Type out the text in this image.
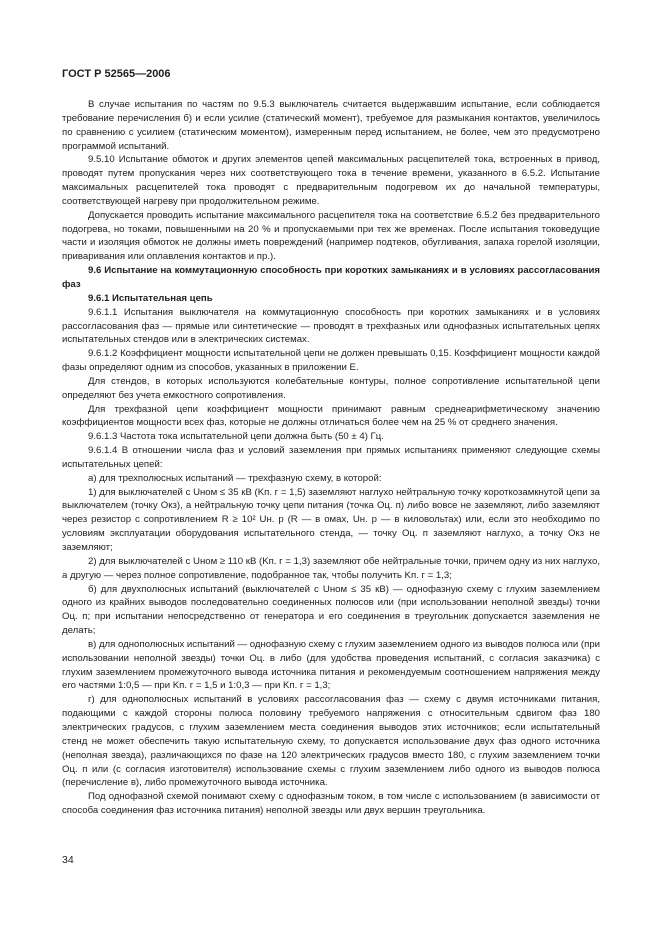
ГОСТ Р 52565—2006

В случае испытания по частям по 9.5.3 выключатель считается выдержавшим испытание, если соблюдается требование перечисления б) и если усилие (статический момент), требуемое для размыкания контактов, увеличилось по сравнению с усилием (статическим моментом), измеренным перед испытанием, не более, чем это предусмотрено программой испытаний.

9.5.10 Испытание обмоток и других элементов цепей максимальных расцепителей тока, встроенных в привод, проводят путем пропускания через них соответствующего тока в течение времени, указанного в 6.5.2. Испытание максимальных расцепителей тока проводят с предварительным подогревом их до начальной температуры, соответствующей нагреву при продолжительном режиме.

Допускается проводить испытание максимального расцепителя тока на соответствие 6.5.2 без предварительного подогрева, но токами, повышенными на 20 % и пропускаемыми при тех же временах. После испытания токоведущие части и изоляция обмоток не должны иметь повреждений (например подтеков, обугливания, запаха горелой изоляции, приваривания или оплавления контактов и пр.).

9.6 Испытание на коммутационную способность при коротких замыканиях и в условиях рассогласования фаз

9.6.1 Испытательная цепь

9.6.1.1 Испытания выключателя на коммутационную способность при коротких замыканиях и в условиях рассогласования фаз — прямые или синтетические — проводят в трехфазных или однофазных испытательных цепях испытательных стендов или в электрических системах.

9.6.1.2 Коэффициент мощности испытательной цепи не должен превышать 0,15. Коэффициент мощности каждой фазы определяют одним из способов, указанных в приложении Е.

Для стендов, в которых используются колебательные контуры, полное сопротивление испытательной цепи определяют без учета емкостного сопротивления.

Для трехфазной цепи коэффициент мощности принимают равным среднеарифметическому значению коэффициентов мощности всех фаз, которые не должны отличаться более чем на 25 % от среднего значения.

9.6.1.3 Частота тока испытательной цепи должна быть (50 ± 4) Гц.

9.6.1.4 В отношении числа фаз и условий заземления при прямых испытаниях применяют следующие схемы испытательных цепей:

а) для трехполюсных испытаний — трехфазную схему, в которой:

1) для выключателей с Uном ≤ 35 кВ (Kп. г = 1,5) заземляют наглухо нейтральную точку короткозамкнутой цепи за выключателем (точку Oкз), а нейтральную точку цепи питания (точка Oц. п) либо вовсе не заземляют, либо заземляют через резистор с сопротивлением R ≥ 10² Uн. р (R — в омах, Uн. р — в киловольтах) или, если это необходимо по условиям эксплуатации оборудования испытательного стенда, — точку Oц. п заземляют наглухо, а точку Oкз не заземляют;

2) для выключателей с Uном ≥ 110 кВ (Kп. г = 1,3) заземляют обе нейтральные точки, причем одну из них наглухо, а другую — через полное сопротивление, подобранное так, чтобы получить Kп. г = 1,3;

б) для двухполюсных испытаний (выключателей с Uном ≤ 35 кВ) — однофазную схему с глухим заземлением одного из крайних выводов последовательно соединенных полюсов или (при использовании неполной звезды) точки Oц. п; при испытании непосредственно от генератора и его соединения в треугольник допускается заземления не делать;

в) для однополюсных испытаний — однофазную схему с глухим заземлением одного из выводов полюса или (при использовании неполной звезды) точки Oц. в либо (для удобства проведения испытаний, с согласия заказчика) с глухим заземлением промежуточного вывода источника питания и рекомендуемым соотношением напряжения между его частями 1:0,5 — при Kп. г = 1,5 и 1:0,3 — при Kп. г = 1,3;

г) для однополюсных испытаний в условиях рассогласования фаз — схему с двумя источниками питания, подающими с каждой стороны полюса половину требуемого напряжения с относительным сдвигом фаз 180 электрических градусов, с глухим заземлением места соединения выводов этих источников; если испытательный стенд не может обеспечить такую испытательную схему, то допускается использование двух фаз одного источника (неполная звезда), различающихся по фазе на 120 электрических градусов вместо 180, с глухим заземлением точки Oц. п или (с согласия изготовителя) использование схемы с глухим заземлением либо одного из выводов полюса (перечисление в), либо промежуточного вывода источника.

Под однофазной схемой понимают схему с однофазным током, в том числе с использованием (в зависимости от способа соединения фаз источника питания) неполной звезды или двух вершин треугольника.

34
